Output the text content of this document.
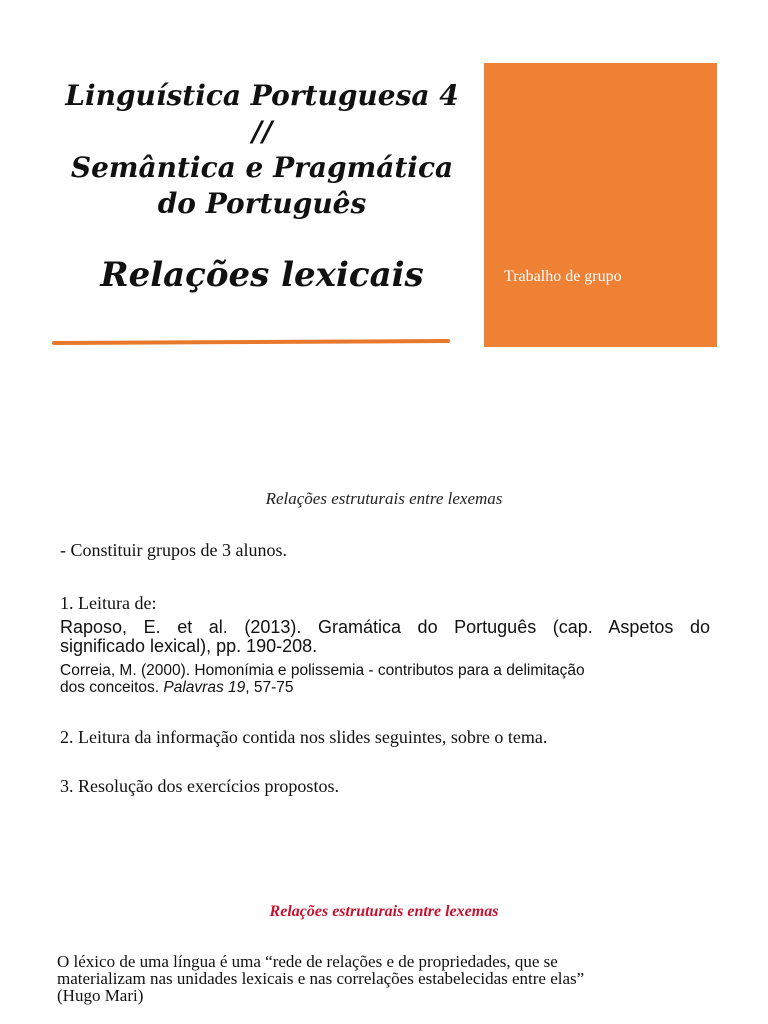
Linguística Portuguesa 4
//
Semântica e Pragmática
do Português
Relações lexicais	Trabalho de grupo
Relações estruturais entre lexemas
- Constituir grupos de 3 alunos.
1. Leitura de:
Raposo, E. et al. (2013). Gramática do Português (cap. Aspetos do
significado lexical), pp. 190-208.
Correia, M. (2000). Homonímia e polissemia - contributos para a delimitação
dos conceitos. Palavras 19, 57-75
2. Leitura da informação contida nos slides seguintes, sobre o tema.
3. Resolução dos exercícios propostos.
Relações estruturais entre lexemas
O léxico de uma língua é uma “rede de relações e de propriedades, que se
materializam nas unidades lexicais e nas correlações estabelecidas entre elas”
(Hugo Mari)
